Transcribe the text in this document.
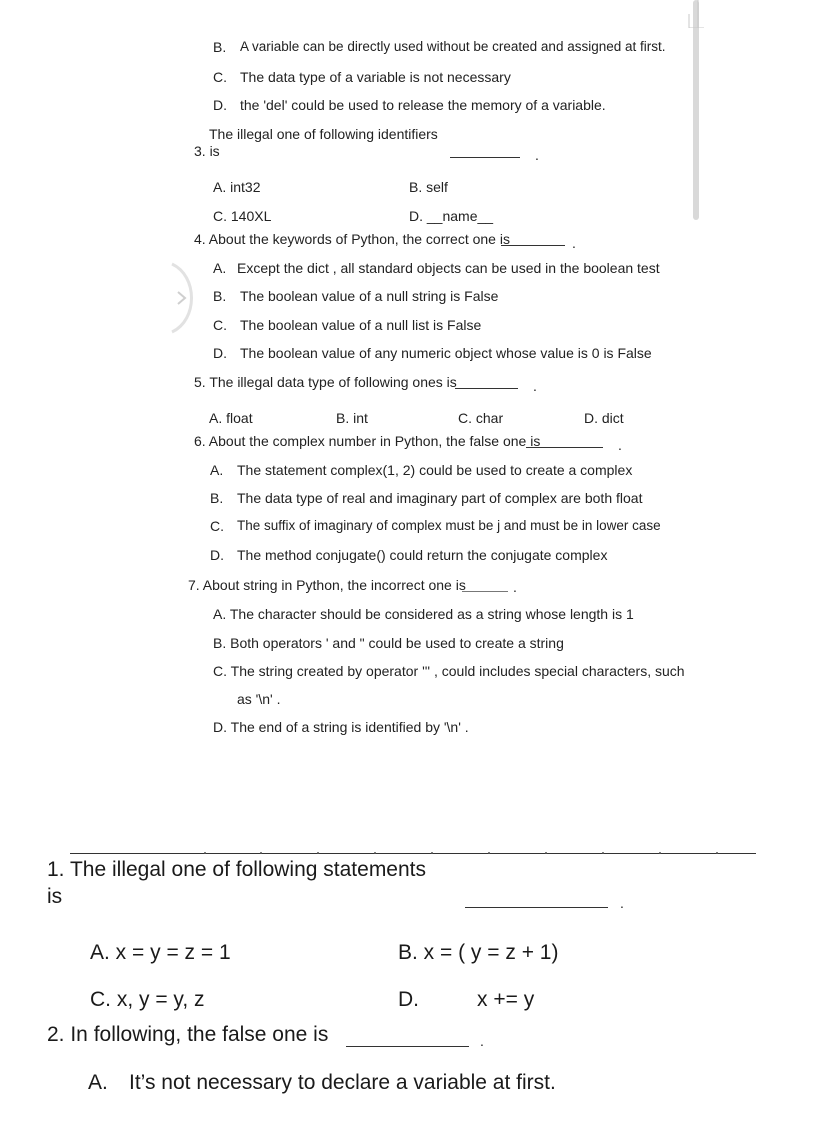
B. A variable can be directly used without be created and assigned at first.
C. The data type of a variable is not necessary
D. the 'del' could be used to release the memory of a variable.
The illegal one of following identifiers
3. is	.
A. int32	B. self
C. 140XL	D. __name__
4. About the keywords of Python, the correct one is	.
A. Except the dict , all standard objects can be used in the boolean test
B. The boolean value of a null string is False
C. The boolean value of a null list is False
D. The boolean value of any numeric object whose value is 0 is False
5. The illegal data type of following ones is	.
A. float	B. int	C. char	D. dict
6. About the complex number in Python, the false one is	.
A. The statement complex(1, 2) could be used to create a complex
B. The data type of real and imaginary part of complex are both float
C. The suffix of imaginary of complex must be j and must be in lower case
D. The method conjugate() could return the conjugate complex
7. About string in Python, the incorrect one is	.
A. The character should be considered as a string whose length is 1
B. Both operators ' and " could be used to create a string
C. The string created by operator ''' , could includes special characters, such
as '\n' .
D. The end of a string is identified by '\n' .
1. The illegal one of following statements
is	.
A. x = y = z = 1	B. x = ( y = z + 1)
C. x, y = y, z	D.	x += y
2. In following, the false one is	.
A. It’s not necessary to declare a variable at first.
